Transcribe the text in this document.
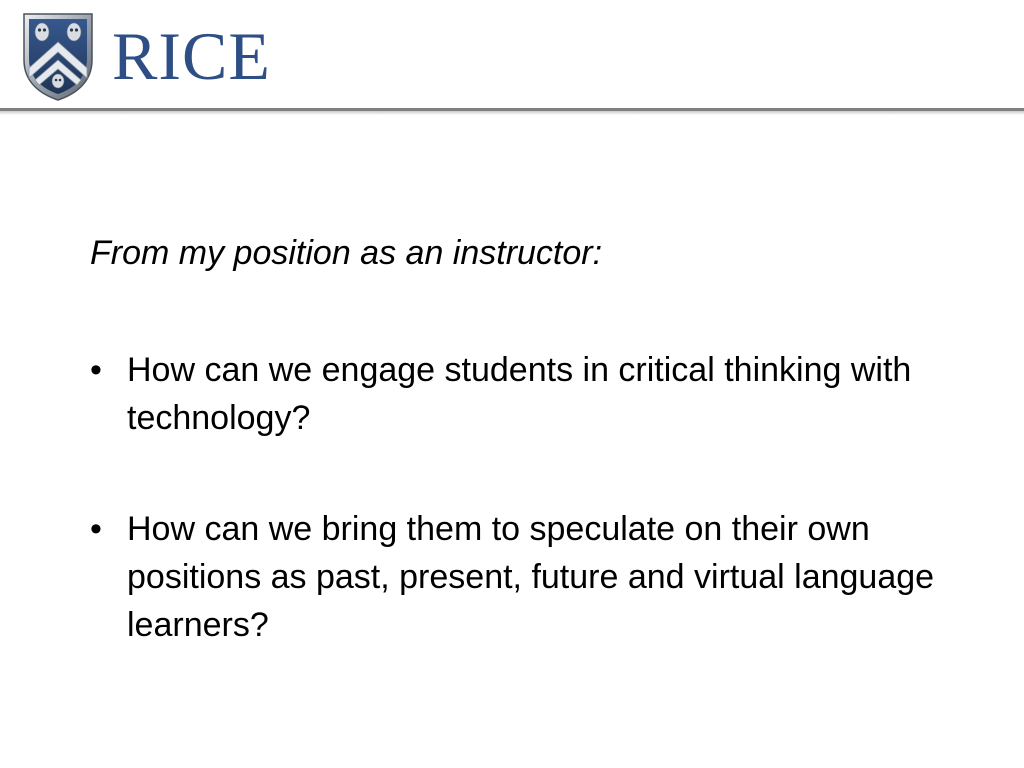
RICE

From my position as an instructor:

• How can we engage students in critical thinking with technology?
• How can we bring them to speculate on their own positions as past, present, future and virtual language learners?
